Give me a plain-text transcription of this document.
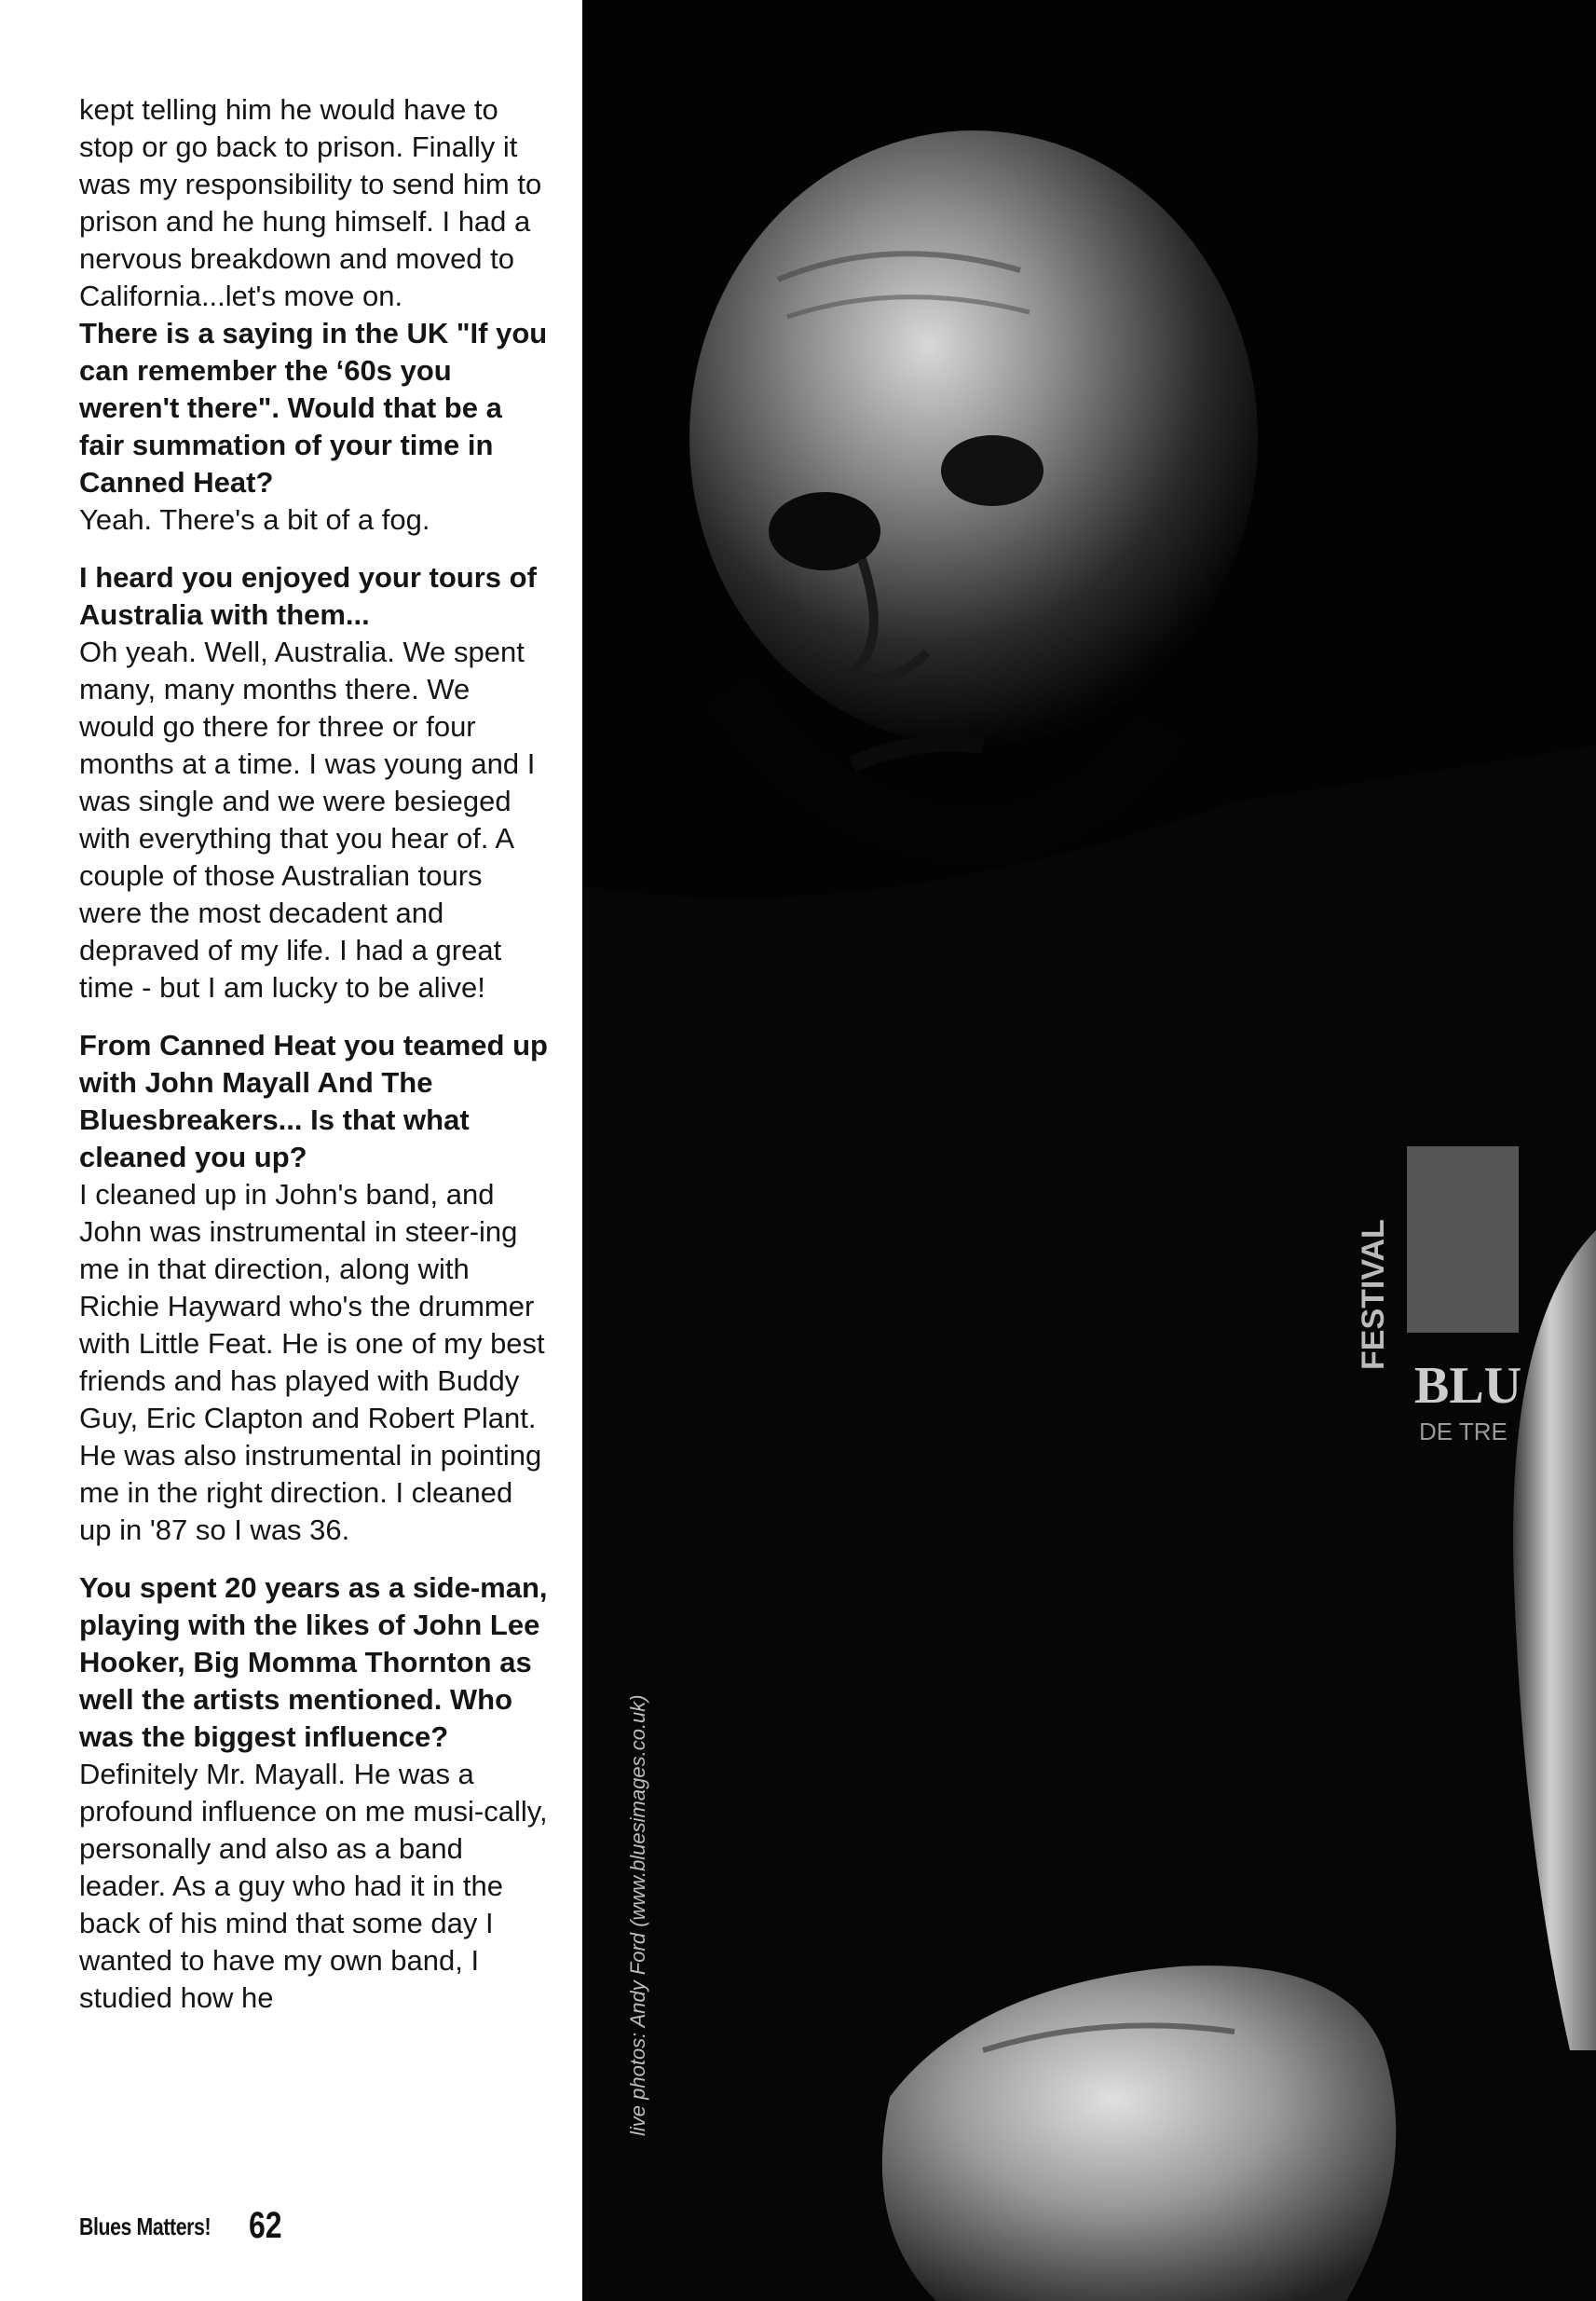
kept telling him he would have to stop or go back to prison. Finally it was my responsibility to send him to prison and he hung himself. I had a nervous breakdown and moved to California...let's move on.

There is a saying in the UK "If you can remember the ‘60s you weren't there". Would that be a fair summation of your time in Canned Heat?

Yeah. There's a bit of a fog.

I heard you enjoyed your tours of Australia with them...

Oh yeah. Well, Australia. We spent many, many months there. We would go there for three or four months at a time. I was young and I was single and we were besieged with everything that you hear of. A couple of those Australian tours were the most decadent and depraved of my life. I had a great time - but I am lucky to be alive!

From Canned Heat you teamed up with John Mayall And The Bluesbreakers... Is that what cleaned you up?

I cleaned up in John's band, and John was instrumental in steer-ing me in that direction, along with Richie Hayward who's the drummer with Little Feat. He is one of my best friends and has played with Buddy Guy, Eric Clapton and Robert Plant. He was also instrumental in pointing me in the right direction. I cleaned up in '87 so I was 36.

You spent 20 years as a side-man, playing with the likes of John Lee Hooker, Big Momma Thornton as well the artists mentioned. Who was the biggest influence?

Definitely Mr. Mayall. He was a profound influence on me musi-cally, personally and also as a band leader. As a guy who had it in the back of his mind that some day I wanted to have my own band, I studied how he

FESTIVAL
BLU
DE TRE
live photos: Andy Ford (www.bluesimages.co.uk)
Blues Matters! 62
